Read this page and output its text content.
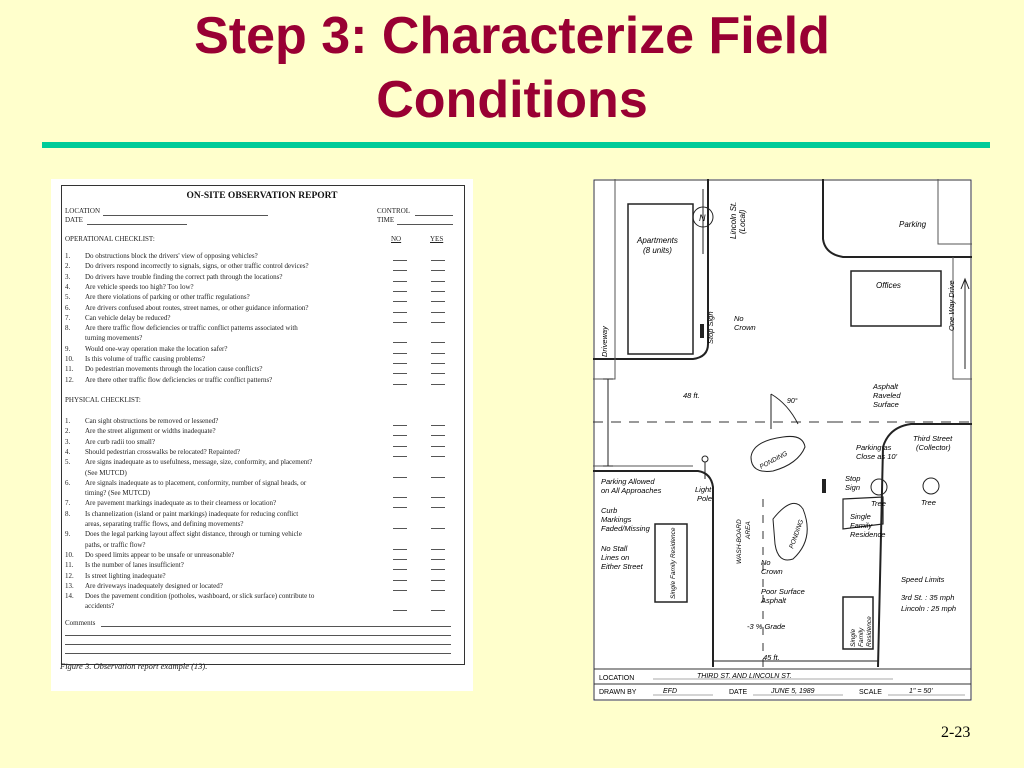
Step 3: Characterize Field
Conditions
ON-SITE OBSERVATION REPORT
LOCATION
DATE
CONTROL
TIME
OPERATIONAL CHECKLIST:	NO	YES
1. Do obstructions block the drivers' view of opposing vehicles?
2. Do drivers respond incorrectly to signals, signs, or other traffic control devices?
3. Do drivers have trouble finding the correct path through the locations?
4. Are vehicle speeds too high? Too low?
5. Are there violations of parking or other traffic regulations?
6. Are drivers confused about routes, street names, or other guidance information?
7. Can vehicle delay be reduced?
8. Are there traffic flow deficiencies or traffic conflict patterns associated with
turning movements?
9. Would one-way operation make the location safer?
10. Is this volume of traffic causing problems?
11. Do pedestrian movements through the location cause conflicts?
12. Are there other traffic flow deficiencies or traffic conflict patterns?
PHYSICAL CHECKLIST:
1. Can sight obstructions be removed or lessened?
2. Are the street alignment or widths inadequate?
3. Are curb radii too small?
4. Should pedestrian crosswalks be relocated? Repainted?
5. Are signs inadequate as to usefulness, message, size, conformity, and placement?
(See MUTCD)
6. Are signals inadequate as to placement, conformity, number of signal heads, or
timing? (See MUTCD)
7. Are pavement markings inadequate as to their clearness or location?
8. Is channelization (island or paint markings) inadequate for reducing conflict
areas, separating traffic flows, and defining movements?
9. Does the legal parking layout affect sight distance, through or turning vehicle
paths, or traffic flow?
10. Do speed limits appear to be unsafe or unreasonable?
11. Is the number of lanes insufficient?
12. Is street lighting inadequate?
13. Are driveways inadequately designed or located?
14. Does the pavement condition (potholes, washboard, or slick surface) contribute to
accidents?
Comments
Figure 3. Observation report example (13).
N	Lincoln St. (Local)
Apartments
(8 units)
Parking
Offices	One Way Drive
Driveway	Stop Sign	No
Crown
48 ft.
90°
Asphalt
Raveled
Surface
Third Street
(Collector)
Parking as
Close as 10'
PONDING
PONDING
Parking Allowed
on All Approaches
Curb
Markings
Faded/Missing
No Stall
Lines on
Either Street
Light
Pole
WASH-BOARD AREA
Stop
Sign
Tree	Tree
Single
Family
Residence
Single Family Residence
Single Family Residence
No
Crown
Poor Surface
Asphalt
-3 % Grade
Speed Limits
3rd St. : 35 mph
Lincoln : 25 mph
45 ft.
LOCATION	THIRD ST. AND LINCOLN ST.
DRAWN BY	EFD	DATE	JUNE 5, 1989	SCALE	1" = 50'
2-23
